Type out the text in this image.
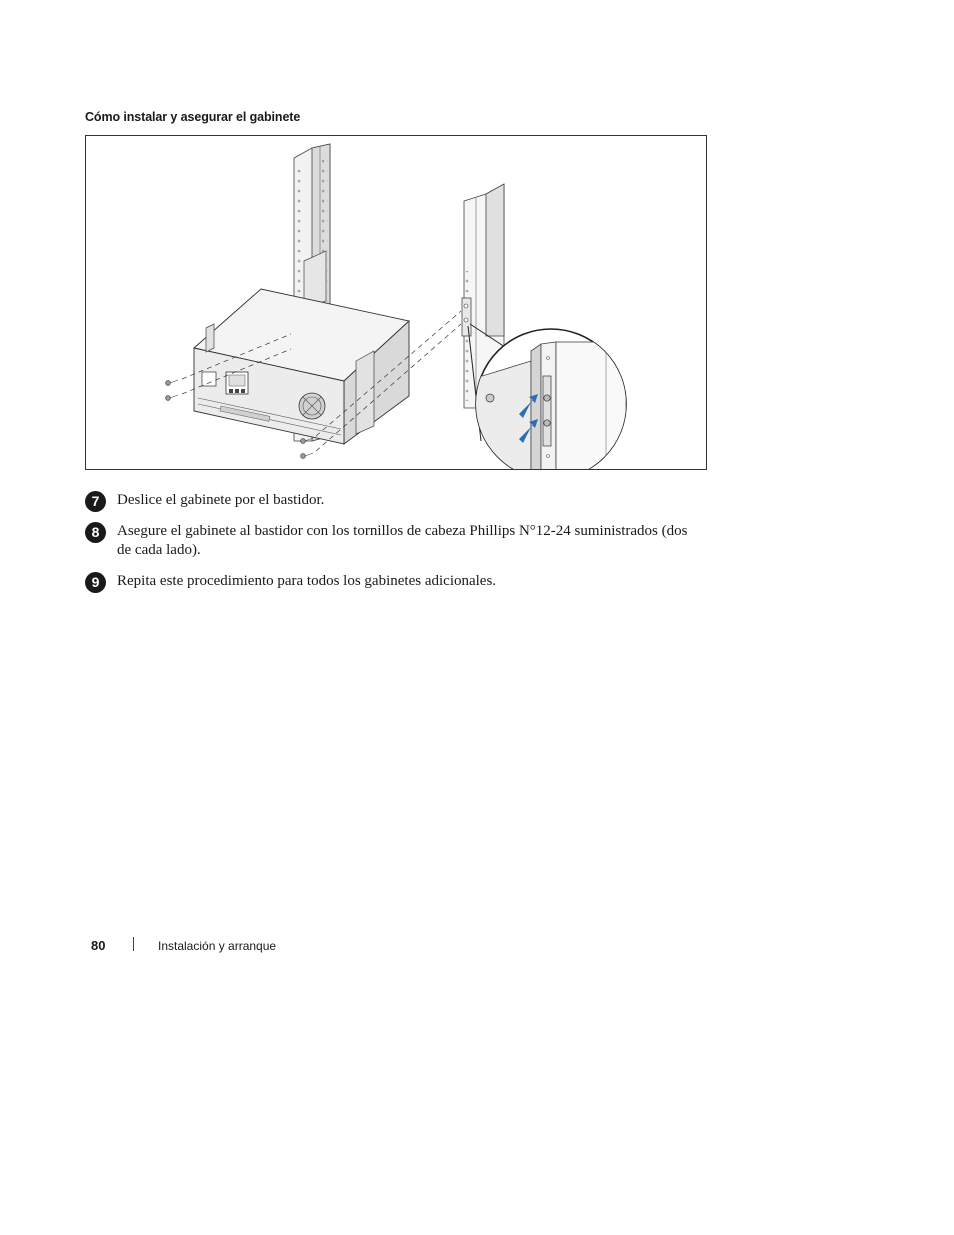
Cómo instalar y asegurar el gabinete
7	Deslice el gabinete por el bastidor.
8	Asegure el gabinete al bastidor con los tornillos de cabeza Phillips N°12-24 suministrados (dos de cada lado).
9	Repita este procedimiento para todos los gabinetes adicionales.
80	Instalación y arranque
